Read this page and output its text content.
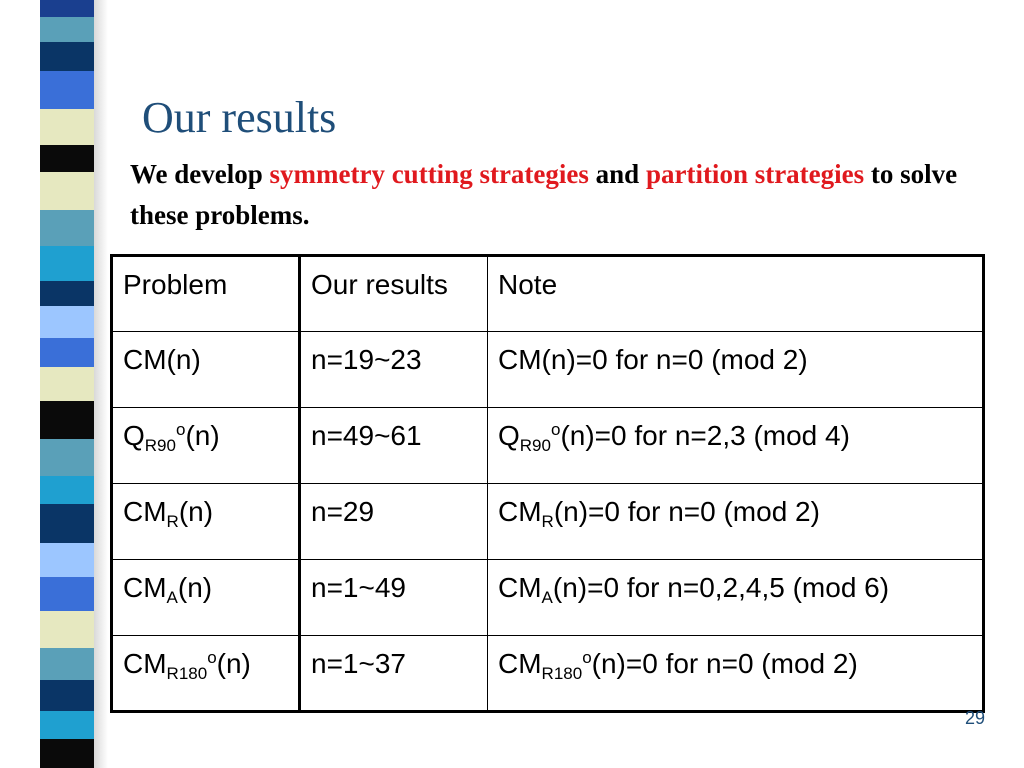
Our results
We develop symmetry cutting strategies and partition strategies to solve these problems.
Problem	Our results	Note
CM(n)	n=19~23	CM(n)=0 for n=0 (mod 2)
$Q_{R90}^o(n)$	n=49~61	$Q_{R90}^o(n)=0$ for n=2,3 (mod 4)
$CM_R(n)$	n=29	$CM_R(n)=0$ for n=0 (mod 2)
$CM_A(n)$	n=1~49	$CM_A(n)=0$ for n=0,2,4,5 (mod 6)
$CM_{R180}^o(n)$	n=1~37	$CM_{R180}^o(n)=0$ for n=0 (mod 2)
29
